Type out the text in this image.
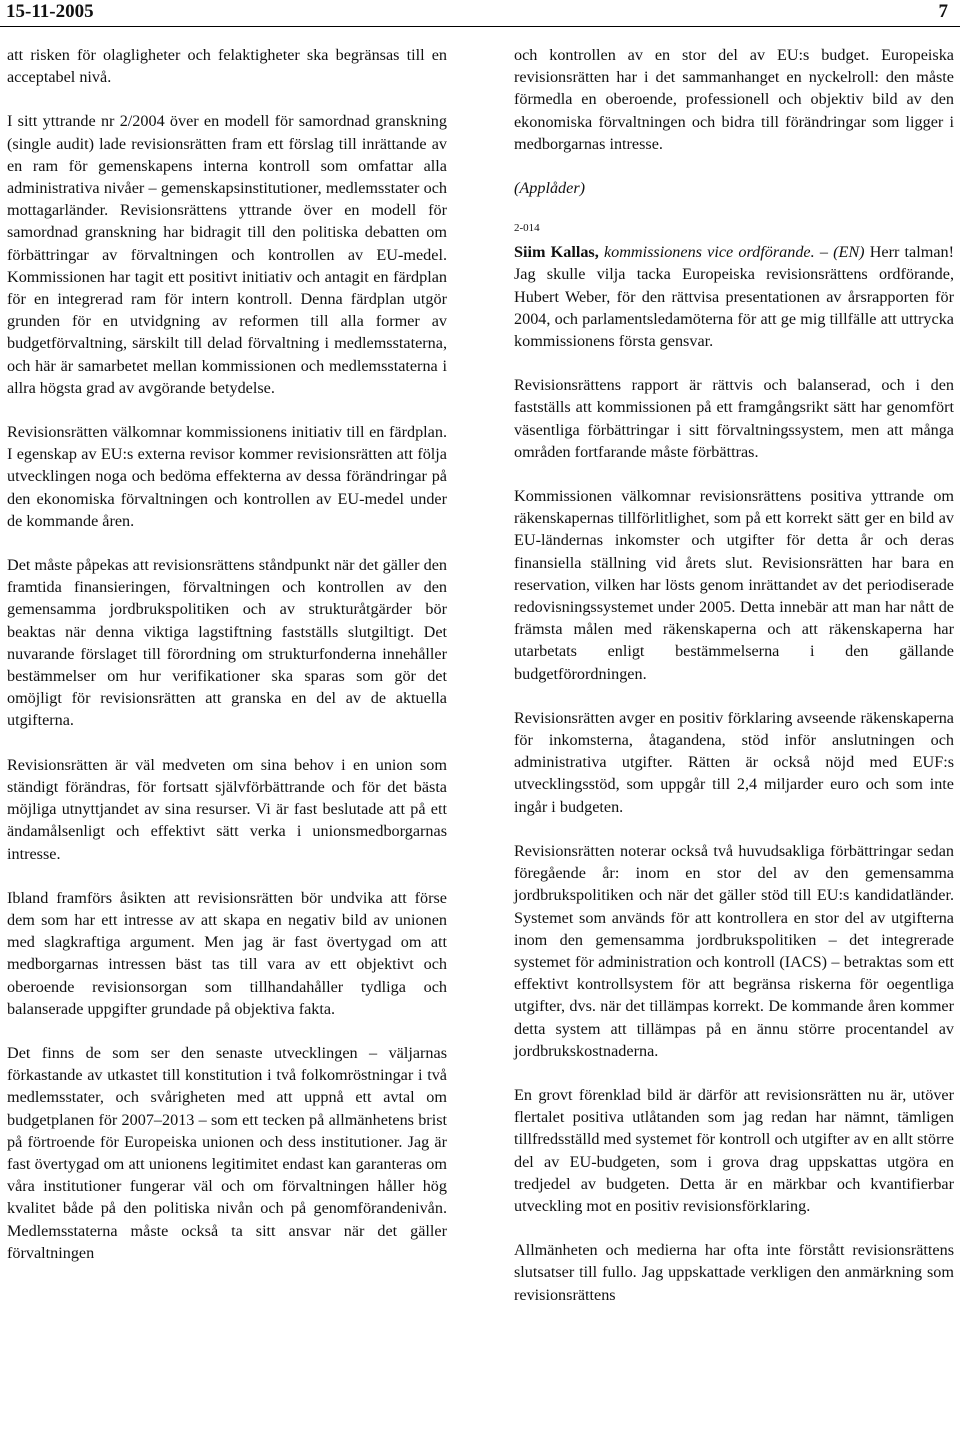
15-11-2005	7

att risken för olagligheter och felaktigheter ska begränsas till en acceptabel nivå.

I sitt yttrande nr 2/2004 över en modell för samordnad granskning (single audit) lade revisionsrätten fram ett förslag till inrättande av en ram för gemenskapens interna kontroll som omfattar alla administrativa nivåer – gemenskapsinstitutioner, medlemsstater och mottagarländer. Revisionsrättens yttrande över en modell för samordnad granskning har bidragit till den politiska debatten om förbättringar av förvaltningen och kontrollen av EU-medel. Kommissionen har tagit ett positivt initiativ och antagit en färdplan för en integrerad ram för intern kontroll. Denna färdplan utgör grunden för en utvidgning av reformen till alla former av budgetförvaltning, särskilt till delad förvaltning i medlemsstaterna, och här är samarbetet mellan kommissionen och medlemsstaterna i allra högsta grad av avgörande betydelse.

Revisionsrätten välkomnar kommissionens initiativ till en färdplan. I egenskap av EU:s externa revisor kommer revisionsrätten att följa utvecklingen noga och bedöma effekterna av dessa förändringar på den ekonomiska förvaltningen och kontrollen av EU-medel under de kommande åren.

Det måste påpekas att revisionsrättens ståndpunkt när det gäller den framtida finansieringen, förvaltningen och kontrollen av den gemensamma jordbrukspolitiken och av strukturåtgärder bör beaktas när denna viktiga lagstiftning fastställs slutgiltigt. Det nuvarande förslaget till förordning om strukturfonderna innehåller bestämmelser om hur verifikationer ska sparas som gör det omöjligt för revisionsrätten att granska en del av de aktuella utgifterna.

Revisionsrätten är väl medveten om sina behov i en union som ständigt förändras, för fortsatt självförbättrande och för det bästa möjliga utnyttjandet av sina resurser. Vi är fast beslutade att på ett ändamålsenligt och effektivt sätt verka i unionsmedborgarnas intresse.

Ibland framförs åsikten att revisionsrätten bör undvika att förse dem som har ett intresse av att skapa en negativ bild av unionen med slagkraftiga argument. Men jag är fast övertygad om att medborgarnas intressen bäst tas till vara av ett objektivt och oberoende revisionsorgan som tillhandahåller tydliga och balanserade uppgifter grundade på objektiva fakta.

Det finns de som ser den senaste utvecklingen – väljarnas förkastande av utkastet till konstitution i två folkomröstningar i två medlemsstater, och svårigheten med att uppnå ett avtal om budgetplanen för 2007–2013 – som ett tecken på allmänhetens brist på förtroende för Europeiska unionen och dess institutioner. Jag är fast övertygad om att unionens legitimitet endast kan garanteras om våra institutioner fungerar väl och om förvaltningen håller hög kvalitet både på den politiska nivån och på genomförandenivån. Medlemsstaterna måste också ta sitt ansvar när det gäller förvaltningen

och kontrollen av en stor del av EU:s budget. Europeiska revisionsrätten har i det sammanhanget en nyckelroll: den måste förmedla en oberoende, professionell och objektiv bild av den ekonomiska förvaltningen och bidra till förändringar som ligger i medborgarnas intresse.

(Applåder)

2-014

Siim Kallas, kommissionens vice ordförande. – (EN) Herr talman! Jag skulle vilja tacka Europeiska revisionsrättens ordförande, Hubert Weber, för den rättvisa presentationen av årsrapporten för 2004, och parlamentsledamöterna för att ge mig tillfälle att uttrycka kommissionens första gensvar.

Revisionsrättens rapport är rättvis och balanserad, och i den fastställs att kommissionen på ett framgångsrikt sätt har genomfört väsentliga förbättringar i sitt förvaltningssystem, men att många områden fortfarande måste förbättras.

Kommissionen välkomnar revisionsrättens positiva yttrande om räkenskapernas tillförlitlighet, som på ett korrekt sätt ger en bild av EU-ländernas inkomster och utgifter för detta år och deras finansiella ställning vid årets slut. Revisionsrätten har bara en reservation, vilken har lösts genom inrättandet av det periodiserade redovisningssystemet under 2005. Detta innebär att man har nått de främsta målen med räkenskaperna och att räkenskaperna har utarbetats enligt bestämmelserna i den gällande budgetförordningen.

Revisionsrätten avger en positiv förklaring avseende räkenskaperna för inkomsterna, åtagandena, stöd inför anslutningen och administrativa utgifter. Rätten är också nöjd med EUF:s utvecklingsstöd, som uppgår till 2,4 miljarder euro och som inte ingår i budgeten.

Revisionsrätten noterar också två huvudsakliga förbättringar sedan föregående år: inom en stor del av den gemensamma jordbrukspolitiken och när det gäller stöd till EU:s kandidatländer. Systemet som används för att kontrollera en stor del av utgifterna inom den gemensamma jordbrukspolitiken – det integrerade systemet för administration och kontroll (IACS) – betraktas som ett effektivt kontrollsystem för att begränsa riskerna för oegentliga utgifter, dvs. när det tillämpas korrekt. De kommande åren kommer detta system att tillämpas på en ännu större procentandel av jordbrukskostnaderna.

En grovt förenklad bild är därför att revisionsrätten nu är, utöver flertalet positiva utlåtanden som jag redan har nämnt, tämligen tillfredsställd med systemet för kontroll och utgifter av en allt större del av EU-budgeten, som i grova drag uppskattas utgöra en tredjedel av budgeten. Detta är en märkbar och kvantifierbar utveckling mot en positiv revisionsförklaring.

Allmänheten och medierna har ofta inte förstått revisionsrättens slutsatser till fullo. Jag uppskattade verkligen den anmärkning som revisionsrättens
